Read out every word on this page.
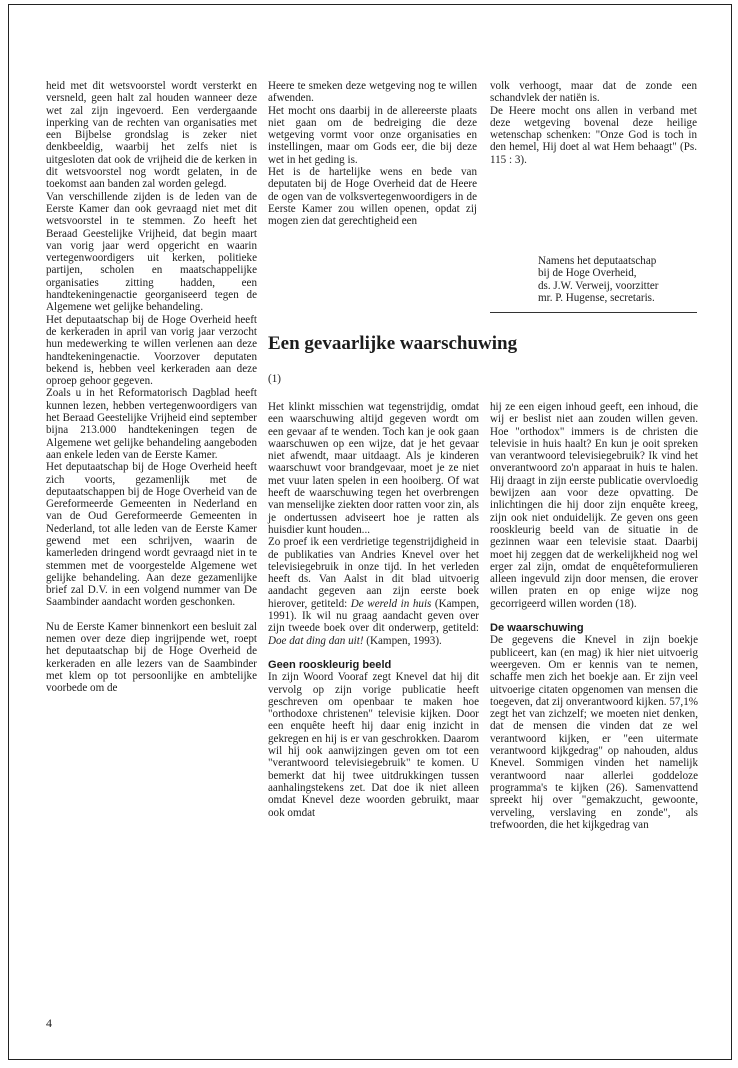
heid met dit wetsvoorstel wordt versterkt en versneld, geen halt zal houden wanneer deze wet zal zijn ingevoerd. Een verdergaande inperking van de rechten van organisaties met een Bijbelse grondslag is zeker niet denkbeeldig, waarbij het zelfs niet is uitgesloten dat ook de vrijheid die de kerken in dit wetsvoorstel nog wordt gelaten, in de toekomst aan banden zal worden gelegd.

Van verschillende zijden is de leden van de Eerste Kamer dan ook gevraagd niet met dit wetsvoorstel in te stemmen. Zo heeft het Beraad Geestelijke Vrijheid, dat begin maart van vorig jaar werd opgericht en waarin vertegenwoordigers uit kerken, politieke partijen, scholen en maatschappelijke organisaties zitting hadden, een handtekeningenactie georganiseerd tegen de Algemene wet gelijke behandeling.

Het deputaatschap bij de Hoge Overheid heeft de kerkeraden in april van vorig jaar verzocht hun medewerking te willen verlenen aan deze handtekeningenactie. Voorzover deputaten bekend is, hebben veel kerkeraden aan deze oproep gehoor gegeven.

Zoals u in het Reformatorisch Dagblad heeft kunnen lezen, hebben vertegenwoordigers van het Beraad Geestelijke Vrijheid eind september bijna 213.000 handtekeningen tegen de Algemene wet gelijke behandeling aangeboden aan enkele leden van de Eerste Kamer.

Het deputaatschap bij de Hoge Overheid heeft zich voorts, gezamenlijk met de deputaatschappen bij de Hoge Overheid van de Gereformeerde Gemeenten in Nederland en van de Oud Gereformeerde Gemeenten in Nederland, tot alle leden van de Eerste Kamer gewend met een schrijven, waarin de kamerleden dringend wordt gevraagd niet in te stemmen met de voorgestelde Algemene wet gelijke behandeling. Aan deze gezamenlijke brief zal D.V. in een volgend nummer van De Saambinder aandacht worden geschonken.

Nu de Eerste Kamer binnenkort een besluit zal nemen over deze diep ingrijpende wet, roept het deputaatschap bij de Hoge Overheid de kerkeraden en alle lezers van de Saambinder met klem op tot persoonlijke en ambtelijke voorbede om de

Heere te smeken deze wetgeving nog te willen afwenden.

Het mocht ons daarbij in de allereerste plaats niet gaan om de bedreiging die deze wetgeving vormt voor onze organisaties en instellingen, maar om Gods eer, die bij deze wet in het geding is.

Het is de hartelijke wens en bede van deputaten bij de Hoge Overheid dat de Heere de ogen van de volksvertegenwoordigers in de Eerste Kamer zou willen openen, opdat zij mogen zien dat gerechtigheid een

volk verhoogt, maar dat de zonde een schandvlek der natiën is.

De Heere mocht ons allen in verband met deze wetgeving bovenal deze heilige wetenschap schenken: "Onze God is toch in den hemel, Hij doet al wat Hem behaagt" (Ps. 115 : 3).

Namens het deputaatschap
bij de Hoge Overheid,
ds. J.W. Verweij, voorzitter
mr. P. Hugense, secretaris.
Een gevaarlijke waarschuwing
(1)

Het klinkt misschien wat tegenstrijdig, omdat een waarschuwing altijd gegeven wordt om een gevaar af te wenden. Toch kan je ook gaan waarschuwen op een wijze, dat je het gevaar niet afwendt, maar uitdaagt. Als je kinderen waarschuwt voor brandgevaar, moet je ze niet met vuur laten spelen in een hooiberg. Of wat heeft de waarschuwing tegen het overbrengen van menselijke ziekten door ratten voor zin, als je ondertussen adviseert hoe je ratten als huisdier kunt houden...

Zo proef ik een verdrietige tegenstrijdigheid in de publikaties van Andries Knevel over het televisiegebruik in onze tijd. In het verleden heeft ds. Van Aalst in dit blad uitvoerig aandacht gegeven aan zijn eerste boek hierover, getiteld: De wereld in huis (Kampen, 1991). Ik wil nu graag aandacht geven over zijn tweede boek over dit onderwerp, getiteld: Doe dat ding dan uit! (Kampen, 1993).

Geen rooskleurig beeld

In zijn Woord Vooraf zegt Knevel dat hij dit vervolg op zijn vorige publicatie heeft geschreven om openbaar te maken hoe "orthodoxe christenen" televisie kijken. Door een enquête heeft hij daar enig inzicht in gekregen en hij is er van geschrokken. Daarom wil hij ook aanwijzingen geven om tot een "verantwoord televisiegebruik" te komen. U bemerkt dat hij twee uitdrukkingen tussen aanhalingstekens zet. Dat doe ik niet alleen omdat Knevel deze woorden gebruikt, maar ook omdat

hij ze een eigen inhoud geeft, een inhoud, die wij er beslist niet aan zouden willen geven. Hoe "orthodox" immers is de christen die televisie in huis haalt? En kun je ooit spreken van verantwoord televisiegebruik? Ik vind het onverantwoord zo'n apparaat in huis te halen. Hij draagt in zijn eerste publicatie overvloedig bewijzen aan voor deze opvatting. De inlichtingen die hij door zijn enquête kreeg, zijn ook niet onduidelijk. Ze geven ons geen rooskleurig beeld van de situatie in de gezinnen waar een televisie staat. Daarbij moet hij zeggen dat de werkelijkheid nog wel erger zal zijn, omdat de enquêteformulieren alleen ingevuld zijn door mensen, die erover willen praten en op enige wijze nog gecorrigeerd willen worden (18).

De waarschuwing

De gegevens die Knevel in zijn boekje publiceert, kan (en mag) ik hier niet uitvoerig weergeven. Om er kennis van te nemen, schaffe men zich het boekje aan. Er zijn veel uitvoerige citaten opgenomen van mensen die toegeven, dat zij onverantwoord kijken. 57,1% zegt het van zichzelf; we moeten niet denken, dat de mensen die vinden dat ze wel verantwoord kijken, er "een uitermate verantwoord kijkgedrag" op nahouden, aldus Knevel. Sommigen vinden het namelijk verantwoord naar allerlei goddeloze programma's te kijken (26). Samenvattend spreekt hij over "gemakzucht, gewoonte, verveling, verslaving en zonde", als trefwoorden, die het kijkgedrag van

4
